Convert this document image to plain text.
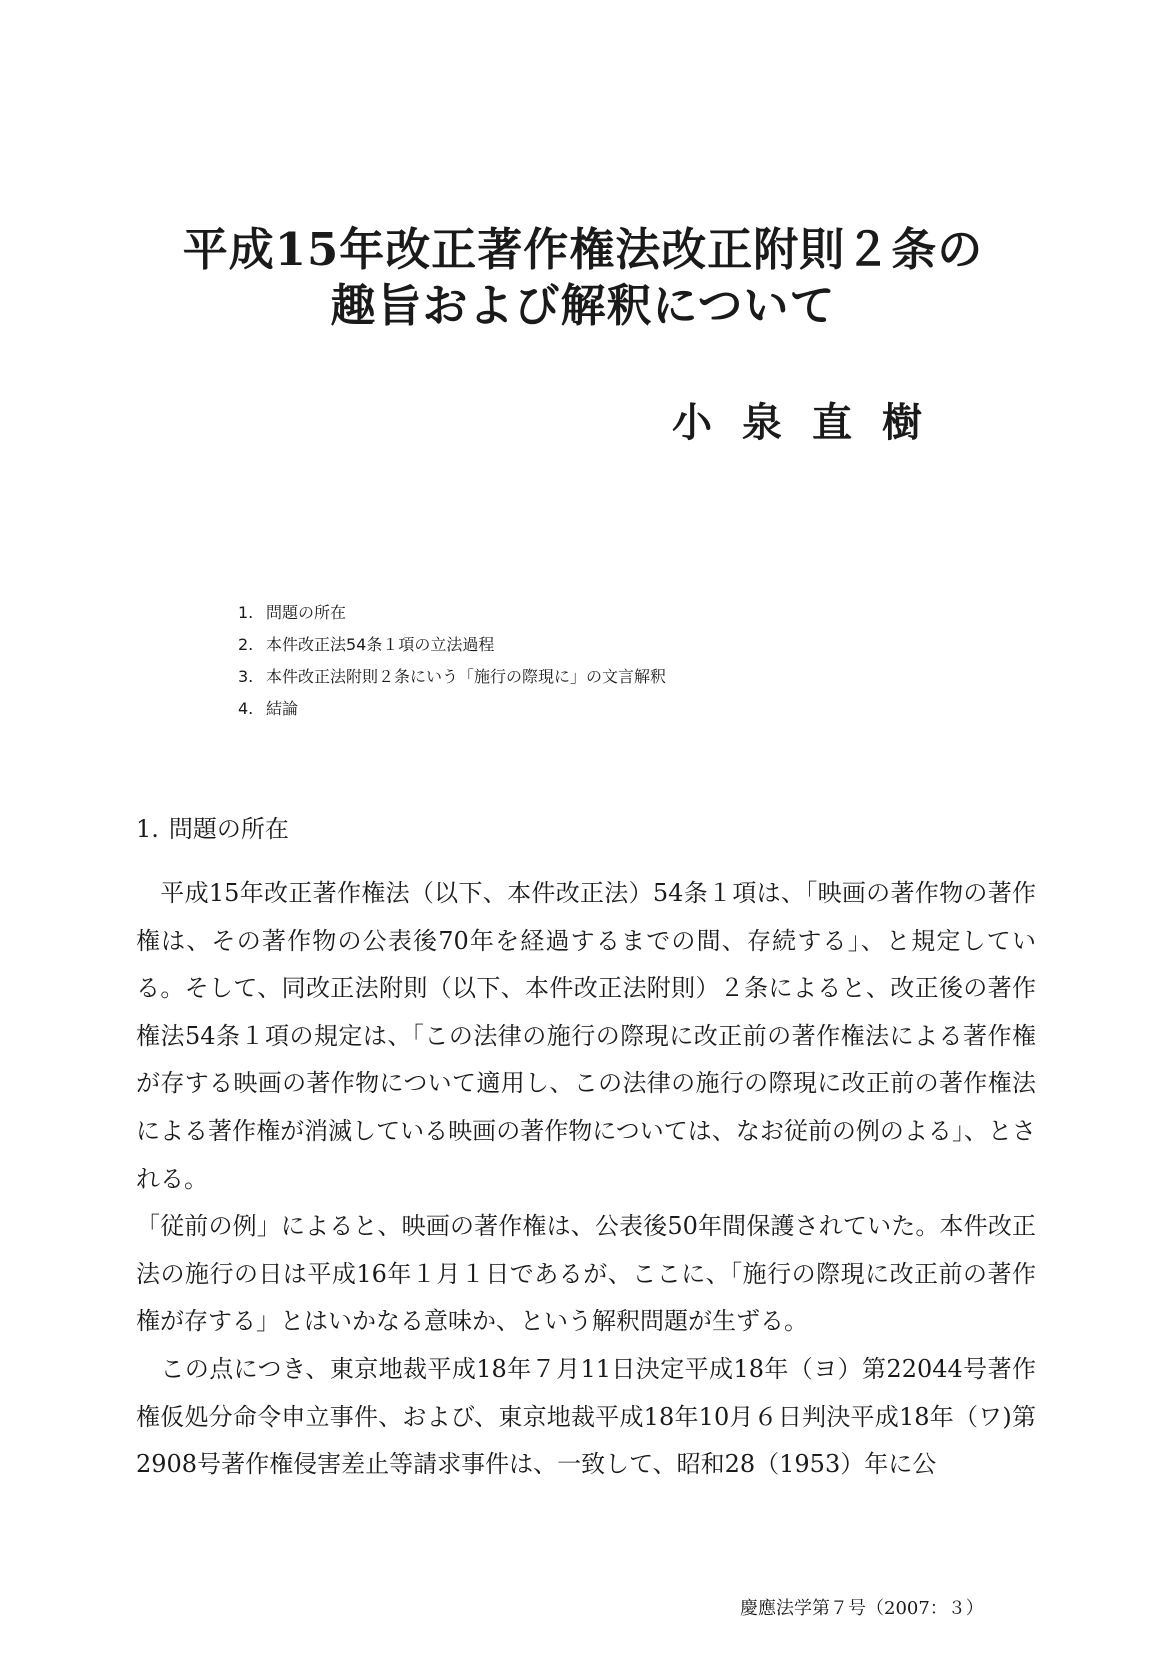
平成15年改正著作権法改正附則２条の
趣旨および解釈について
小泉直樹
1. 問題の所在
2. 本件改正法54条１項の立法過程
3. 本件改正法附則２条にいう「施行の際現に」の文言解釈
4. 結論
1. 問題の所在

　平成15年改正著作権法（以下、本件改正法）54条１項は、「映画の著作物の著作権は、その著作物の公表後70年を経過するまでの間、存続する」、と規定している。そして、同改正法附則（以下、本件改正法附則）２条によると、改正後の著作権法54条１項の規定は、「この法律の施行の際現に改正前の著作権法による著作権が存する映画の著作物について適用し、この法律の施行の際現に改正前の著作権法による著作権が消滅している映画の著作物については、なお従前の例のよる」、とされる。

「従前の例」によると、映画の著作権は、公表後50年間保護されていた。本件改正法の施行の日は平成16年１月１日であるが、ここに、「施行の際現に改正前の著作権が存する」とはいかなる意味か、という解釈問題が生ずる。

　この点につき、東京地裁平成18年７月11日決定平成18年（ヨ）第22044号著作権仮処分命令申立事件、および、東京地裁平成18年10月６日判決平成18年（ワ)第2908号著作権侵害差止等請求事件は、一致して、昭和28（1953）年に公

慶應法学第７号（2007：３）
